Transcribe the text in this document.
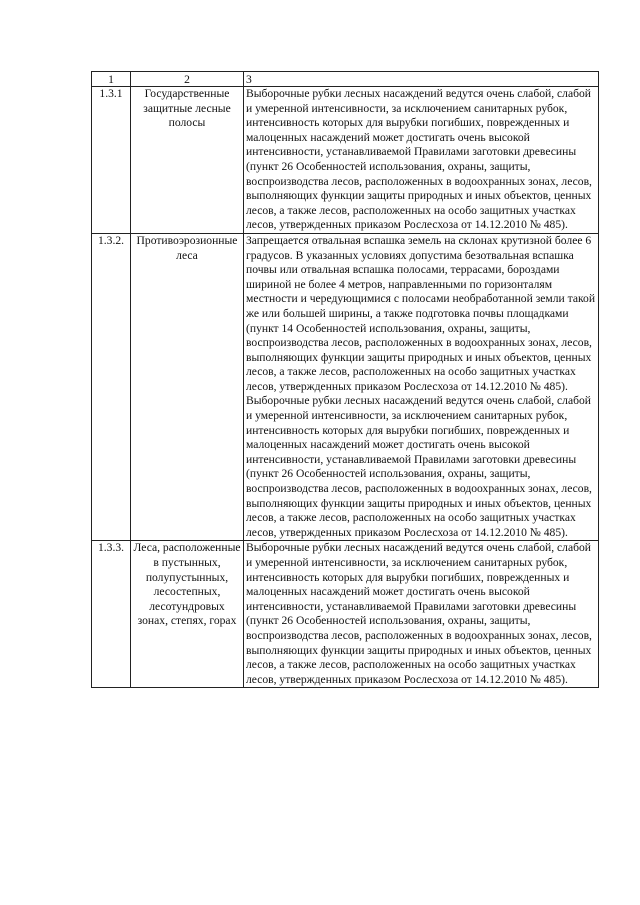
1	2	3
1.3.1	Государственные защитные лесные полосы	Выборочные рубки лесных насаждений ведутся очень слабой, слабой и умеренной интенсивности, за исключением санитарных рубок, интенсивность которых для вырубки погибших, поврежденных и малоценных насаждений может достигать очень высокой интенсивности, устанавливаемой Правилами заготовки древесины (пункт 26 Особенностей использования, охраны, защиты, воспроизводства лесов, расположенных в водоохранных зонах, лесов, выполняющих функции защиты природных и иных объектов, ценных лесов, а также лесов, расположенных на особо защитных участках лесов, утвержденных приказом Рослесхоза от 14.12.2010 № 485).

1.3.2.	Противоэрозионные леса	Запрещается отвальная вспашка земель на склонах крутизной более 6 градусов. В указанных условиях допустима безотвальная вспашка почвы или отвальная вспашка полосами, террасами, бороздами шириной не более 4 метров, направленными по горизонталям местности и чередующимися с полосами необработанной земли такой же или большей ширины, а также подготовка почвы площадками (пункт 14 Особенностей использования, охраны, защиты, воспроизводства лесов, расположенных в водоохранных зонах, лесов, выполняющих функции защиты природных и иных объектов, ценных лесов, а также лесов, расположенных на особо защитных участках лесов, утвержденных приказом Рослесхоза от 14.12.2010 № 485).
Выборочные рубки лесных насаждений ведутся очень слабой, слабой и умеренной интенсивности, за исключением санитарных рубок, интенсивность которых для вырубки погибших, поврежденных и малоценных насаждений может достигать очень высокой интенсивности, устанавливаемой Правилами заготовки древесины (пункт 26 Особенностей использования, охраны, защиты, воспроизводства лесов, расположенных в водоохранных зонах, лесов, выполняющих функции защиты природных и иных объектов, ценных лесов, а также лесов, расположенных на особо защитных участках лесов, утвержденных приказом Рослесхоза от 14.12.2010 № 485).

1.3.3.	Леса, расположенные в пустынных, полупустынных, лесостепных, лесотундровых зонах, степях, горах	Выборочные рубки лесных насаждений ведутся очень слабой, слабой и умеренной интенсивности, за исключением санитарных рубок, интенсивность которых для вырубки погибших, поврежденных и малоценных насаждений может достигать очень высокой интенсивности, устанавливаемой Правилами заготовки древесины (пункт 26 Особенностей использования, охраны, защиты, воспроизводства лесов, расположенных в водоохранных зонах, лесов, выполняющих функции защиты природных и иных объектов, ценных лесов, а также лесов, расположенных на особо защитных участках лесов, утвержденных приказом Рослесхоза от 14.12.2010 № 485).
